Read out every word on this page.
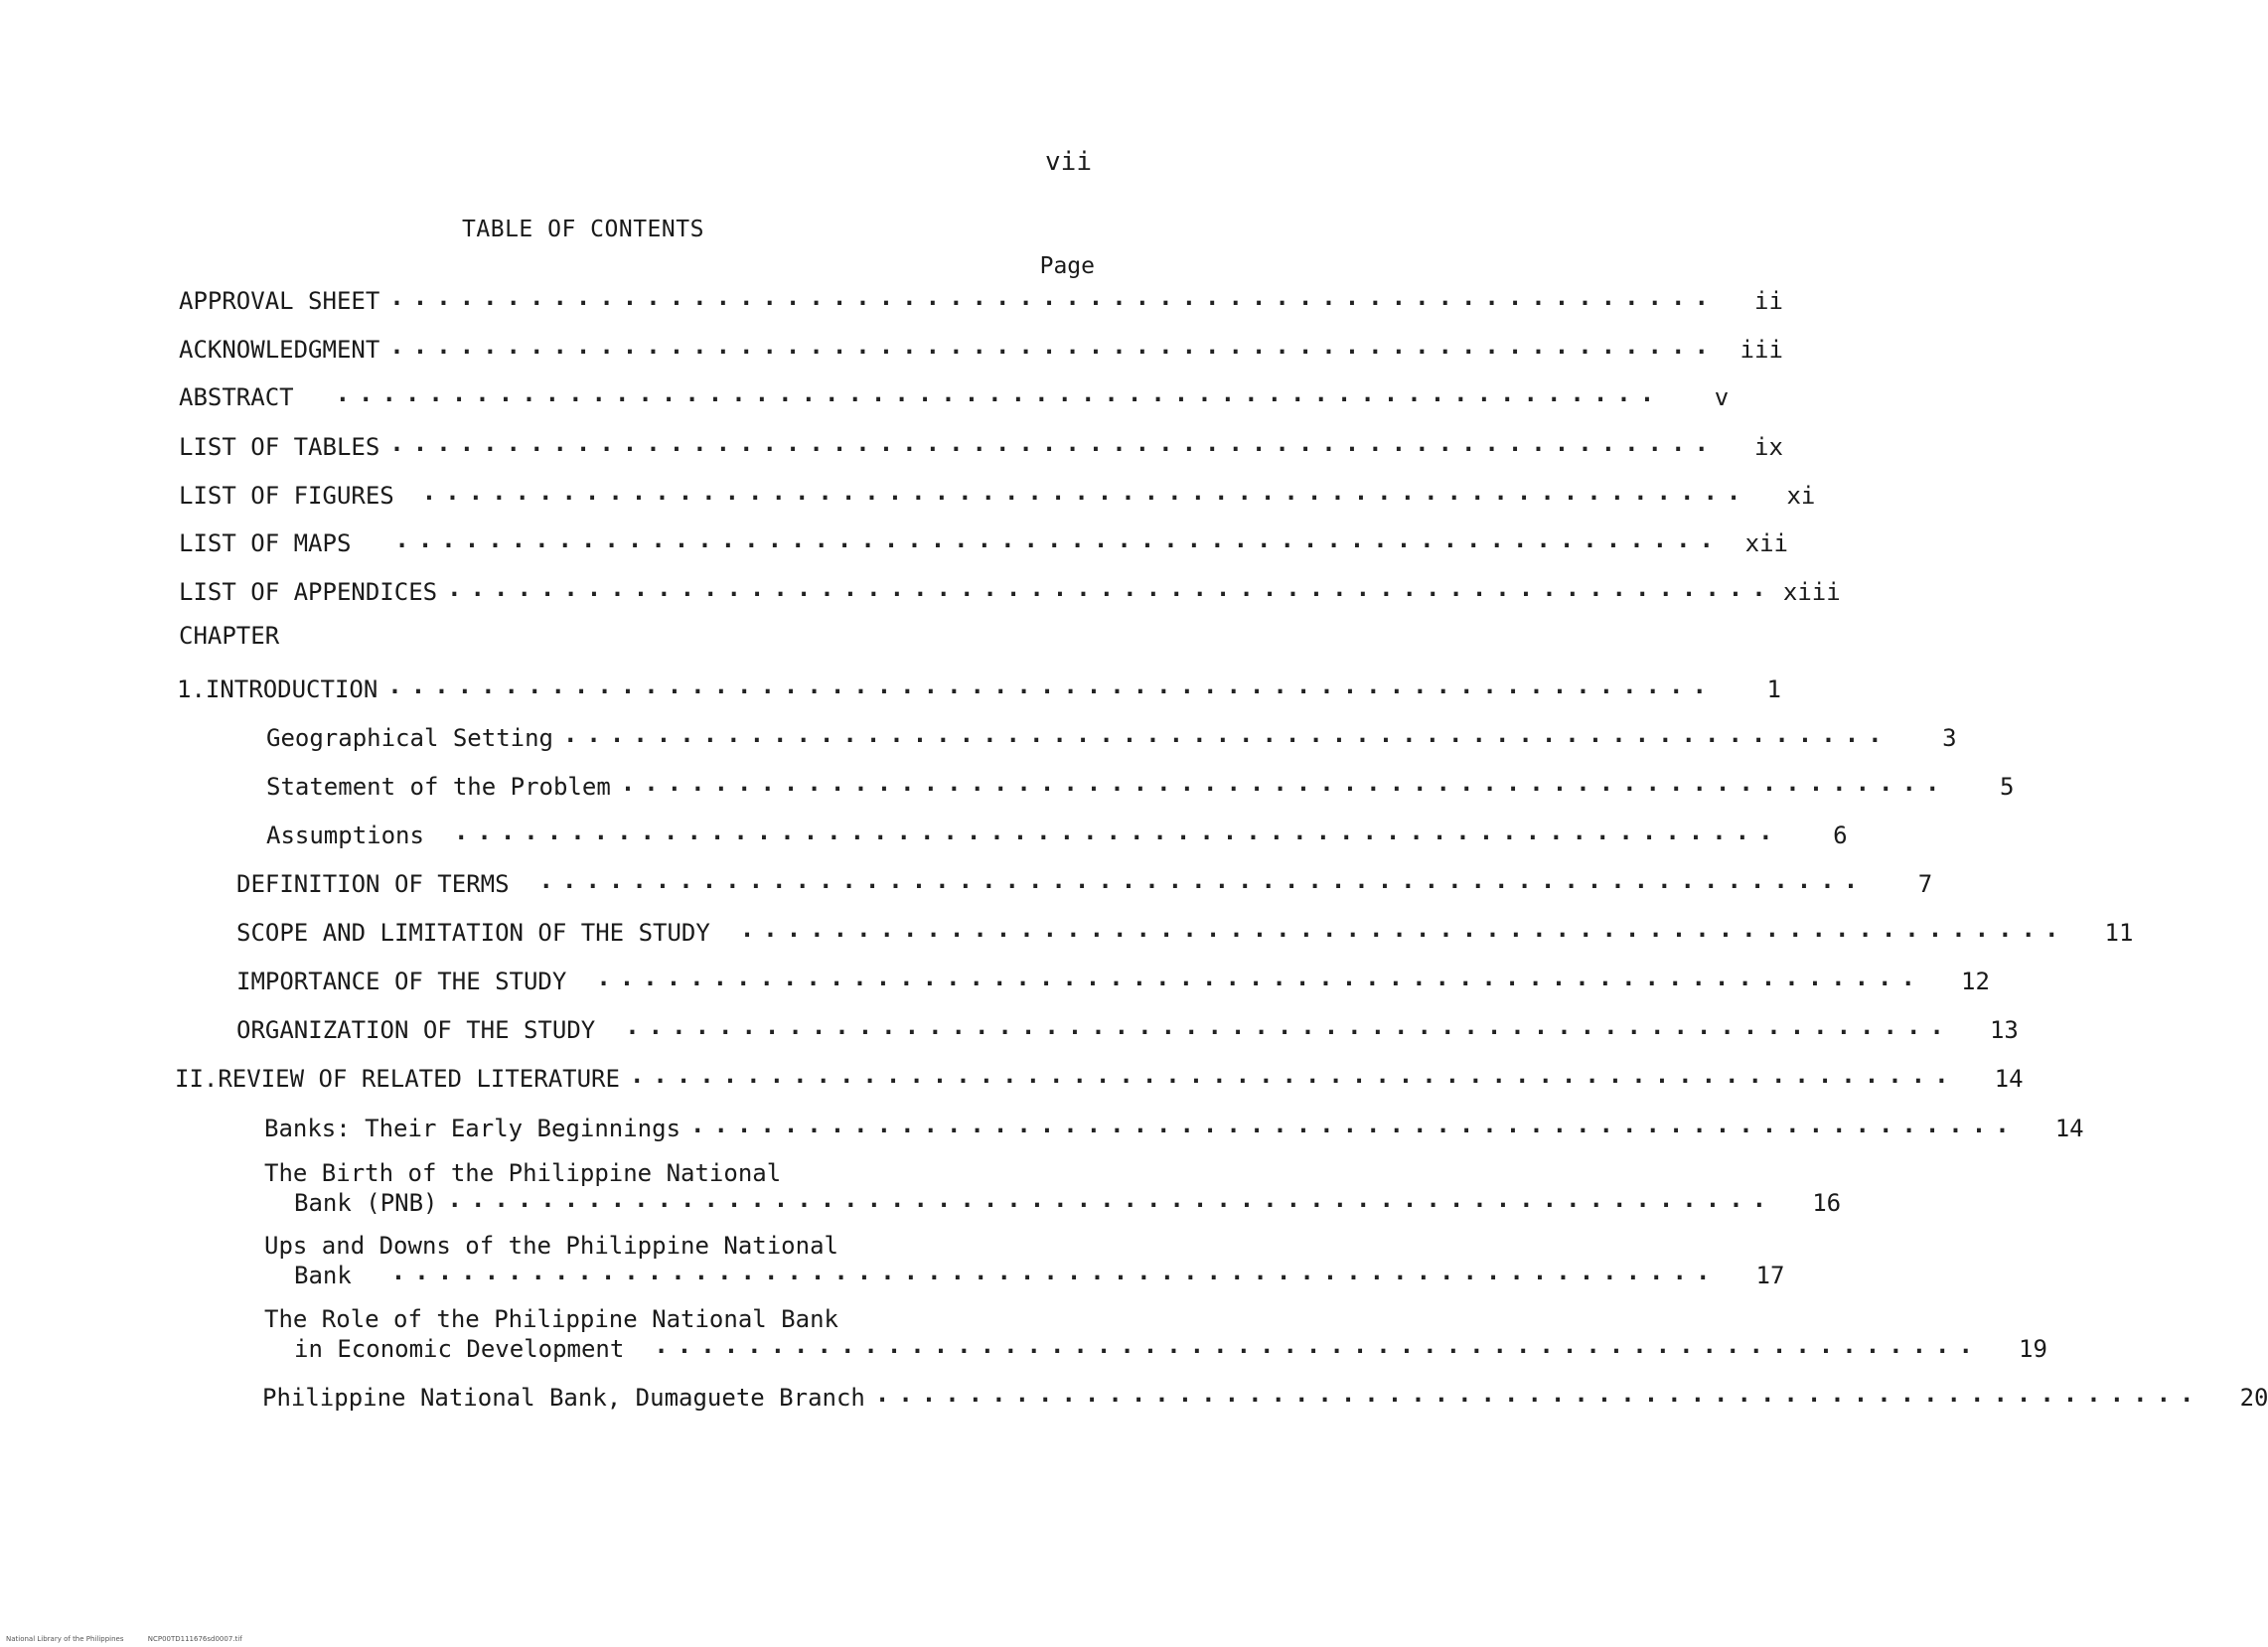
vii
TABLE OF CONTENTS
Page
APPROVAL SHEET .........................................................	ii
ACKNOWLEDGMENT ......................................................... iii
ABSTRACT .........................................................	v
LIST OF TABLES .........................................................	ix
LIST OF FIGURES .........................................................	xi
LIST OF MAPS ......................................................... xii
LIST OF APPENDICES ......................................................... xiii
CHAPTER
1. INTRODUCTION .........................................................	1
Geographical Setting .........................................................	3
Statement of the Problem .........................................................	5
Assumptions .........................................................	6
DEFINITION OF TERMS .........................................................	7
SCOPE AND LIMITATION OF THE STUDY .........................................................	11
IMPORTANCE OF THE STUDY .........................................................	12
ORGANIZATION OF THE STUDY .........................................................	13
II. REVIEW OF RELATED LITERATURE .........................................................	14
Banks: Their Early Beginnings .........................................................	14
The Birth of the Philippine National
Bank (PNB) .........................................................	16
Ups and Downs of the Philippine National
Bank .........................................................	17
The Role of the Philippine National Bank
in Economic Development .........................................................	19
Philippine National Bank, Dumaguete Branch .........................................................	20
National Library of the Philippines	NCP00TD111676sd0007.tif
